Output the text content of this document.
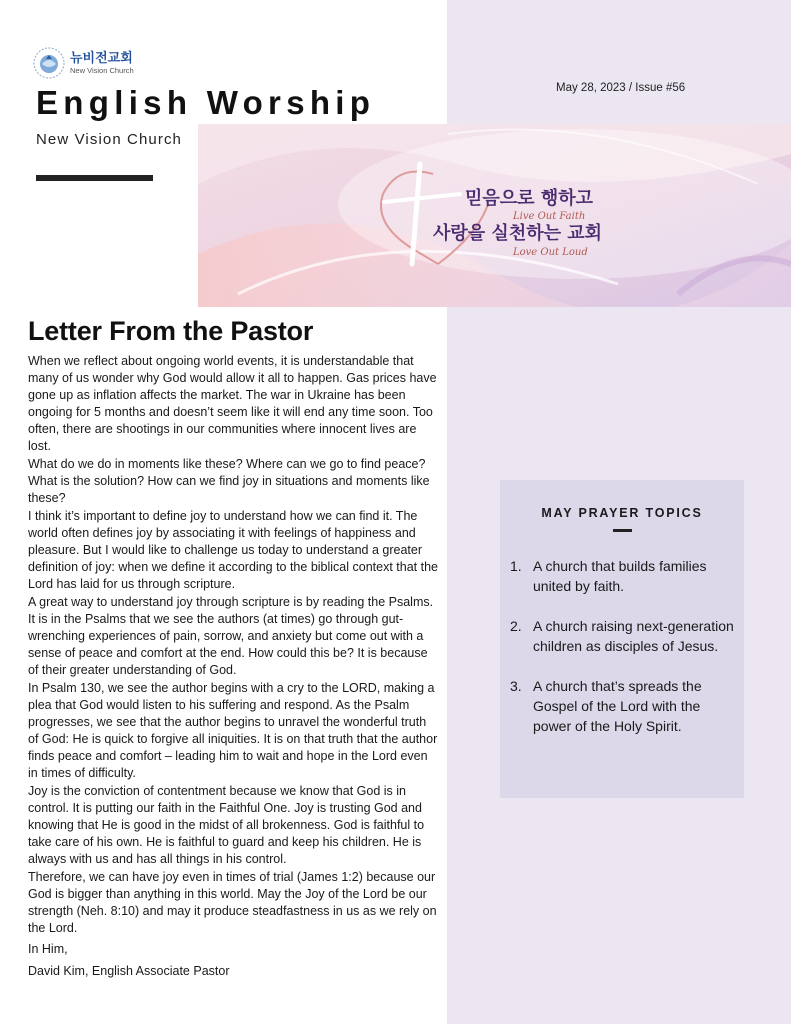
뉴비전교회
New Vision Church
English Worship
New Vision Church
May 28, 2023 / Issue #56
믿음으로 행하고
Live Out Faith
사랑을 실천하는 교회
Love Out Loud
Letter From the Pastor

When we reflect about ongoing world events, it is understandable that many of us wonder why God would allow it all to happen. Gas prices have gone up as inflation affects the market. The war in Ukraine has been ongoing for 5 months and doesn’t seem like it will end any time soon. Too often, there are shootings in our communities where innocent lives are lost.

What do we do in moments like these? Where can we go to find peace? What is the solution? How can we find joy in situations and moments like these?

I think it’s important to define joy to understand how we can find it. The world often defines joy by associating it with feelings of happiness and pleasure. But I would like to challenge us today to understand a greater definition of joy: when we define it according to the biblical context that the Lord has laid for us through scripture.

A great way to understand joy through scripture is by reading the Psalms. It is in the Psalms that we see the authors (at times) go through gut-wrenching experiences of pain, sorrow, and anxiety but come out with a sense of peace and comfort at the end. How could this be? It is because of their greater understanding of God.

In Psalm 130, we see the author begins with a cry to the LORD, making a plea that God would listen to his suffering and respond. As the Psalm progresses, we see that the author begins to unravel the wonderful truth of God: He is quick to forgive all iniquities. It is on that truth that the author finds peace and comfort – leading him to wait and hope in the Lord even in times of difficulty.

Joy is the conviction of contentment because we know that God is in control. It is putting our faith in the Faithful One. Joy is trusting God and knowing that He is good in the midst of all brokenness. God is faithful to take care of his own. He is faithful to guard and keep his children. He is always with us and has all things in his control.

Therefore, we can have joy even in times of trial (James 1:2) because our God is bigger than anything in this world. May the Joy of the Lord be our strength (Neh. 8:10) and may it produce steadfastness in us as we rely on the Lord.

In Him,

David Kim, English Associate Pastor

MAY PRAYER TOPICS
1. A church that builds families united by faith.
2. A church raising next-generation children as disciples of Jesus.
3. A church that’s spreads the Gospel of the Lord with the power of the Holy Spirit.
